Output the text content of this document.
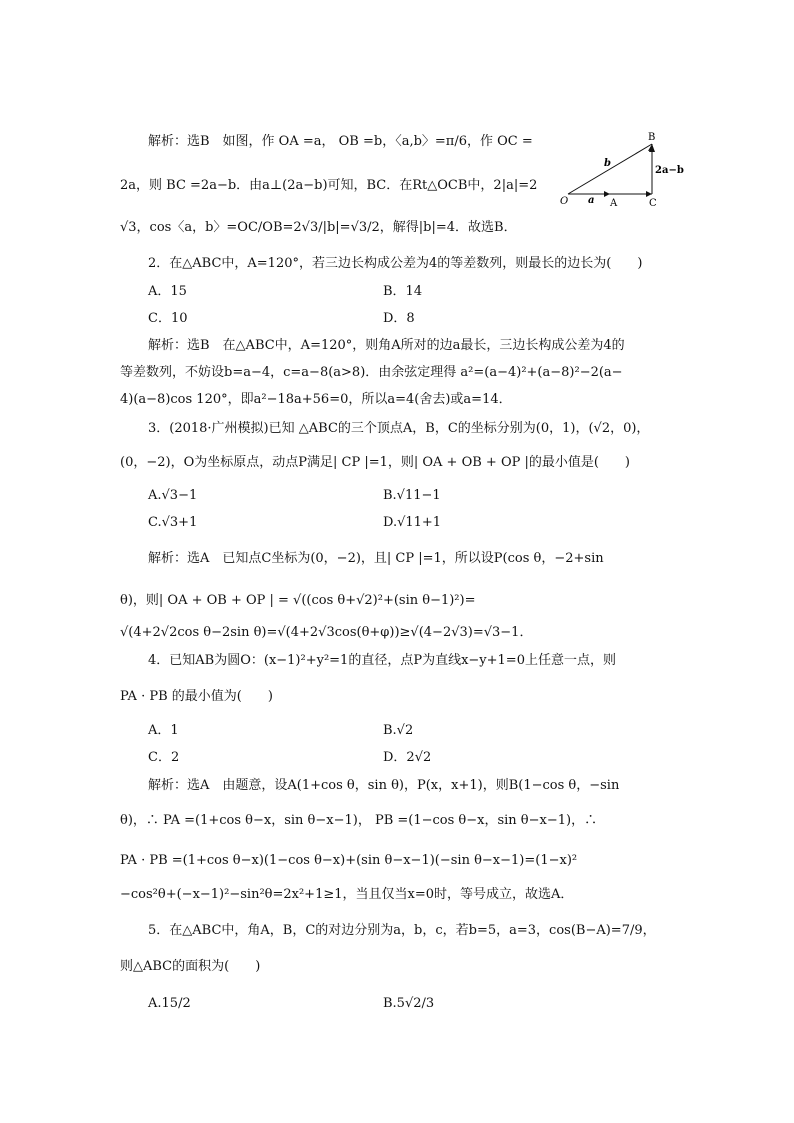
解析：选B　如图，作 OA =a， OB =b，〈a,b〉=π/6，作 OC =
2a，则 BC =2a−b．由a⊥(2a−b)可知，BC．在Rt△OCB中，2|a|=2
√3，cos〈a，b〉=OC/OB=2√3/|b|=√3/2，解得|b|=4．故选B．
B
b
2a−b
O a A	C
2．在△ABC中，A=120°，若三边长构成公差为4的等差数列，则最长的边长为(　　)
A．15	B．14
C．10	D．8
解析：选B　在△ABC中，A=120°，则角A所对的边a最长，三边长构成公差为4的
等差数列，不妨设b=a−4，c=a−8(a>8)．由余弦定理得 a²=(a−4)²+(a−8)²−2(a−
4)(a−8)cos 120°，即a²−18a+56=0，所以a=4(舍去)或a=14．
3．(2018·广州模拟)已知 △ABC的三个顶点A，B，C的坐标分别为(0，1)，(√2，0)，
(0，−2)，O为坐标原点，动点P满足| CP |=1，则| OA + OB + OP |的最小值是(　　)
A.√3−1	B.√11−1
C.√3+1	D.√11+1
解析：选A　已知点C坐标为(0，−2)，且| CP |=1，所以设P(cos θ，−2+sin
θ)，则| OA + OB + OP | = √((cos θ+√2)²+(sin θ−1)²)=
√(4+2√2cos θ−2sin θ)=√(4+2√3cos(θ+φ))≥√(4−2√3)=√3−1．
4．已知AB为圆O：(x−1)²+y²=1的直径，点P为直线x−y+1=0上任意一点，则
PA · PB 的最小值为(　　)
A．1	B.√2
C．2	D．2√2
解析：选A　由题意，设A(1+cos θ，sin θ)，P(x，x+1)，则B(1−cos θ，−sin
θ)，∴ PA =(1+cos θ−x，sin θ−x−1)， PB =(1−cos θ−x，sin θ−x−1)，∴
PA · PB =(1+cos θ−x)(1−cos θ−x)+(sin θ−x−1)(−sin θ−x−1)=(1−x)²
−cos²θ+(−x−1)²−sin²θ=2x²+1≥1，当且仅当x=0时，等号成立，故选A．
5．在△ABC中，角A，B，C的对边分别为a，b，c，若b=5，a=3，cos(B−A)=7/9，
则△ABC的面积为(　　)
A.15/2	B.5√2/3
